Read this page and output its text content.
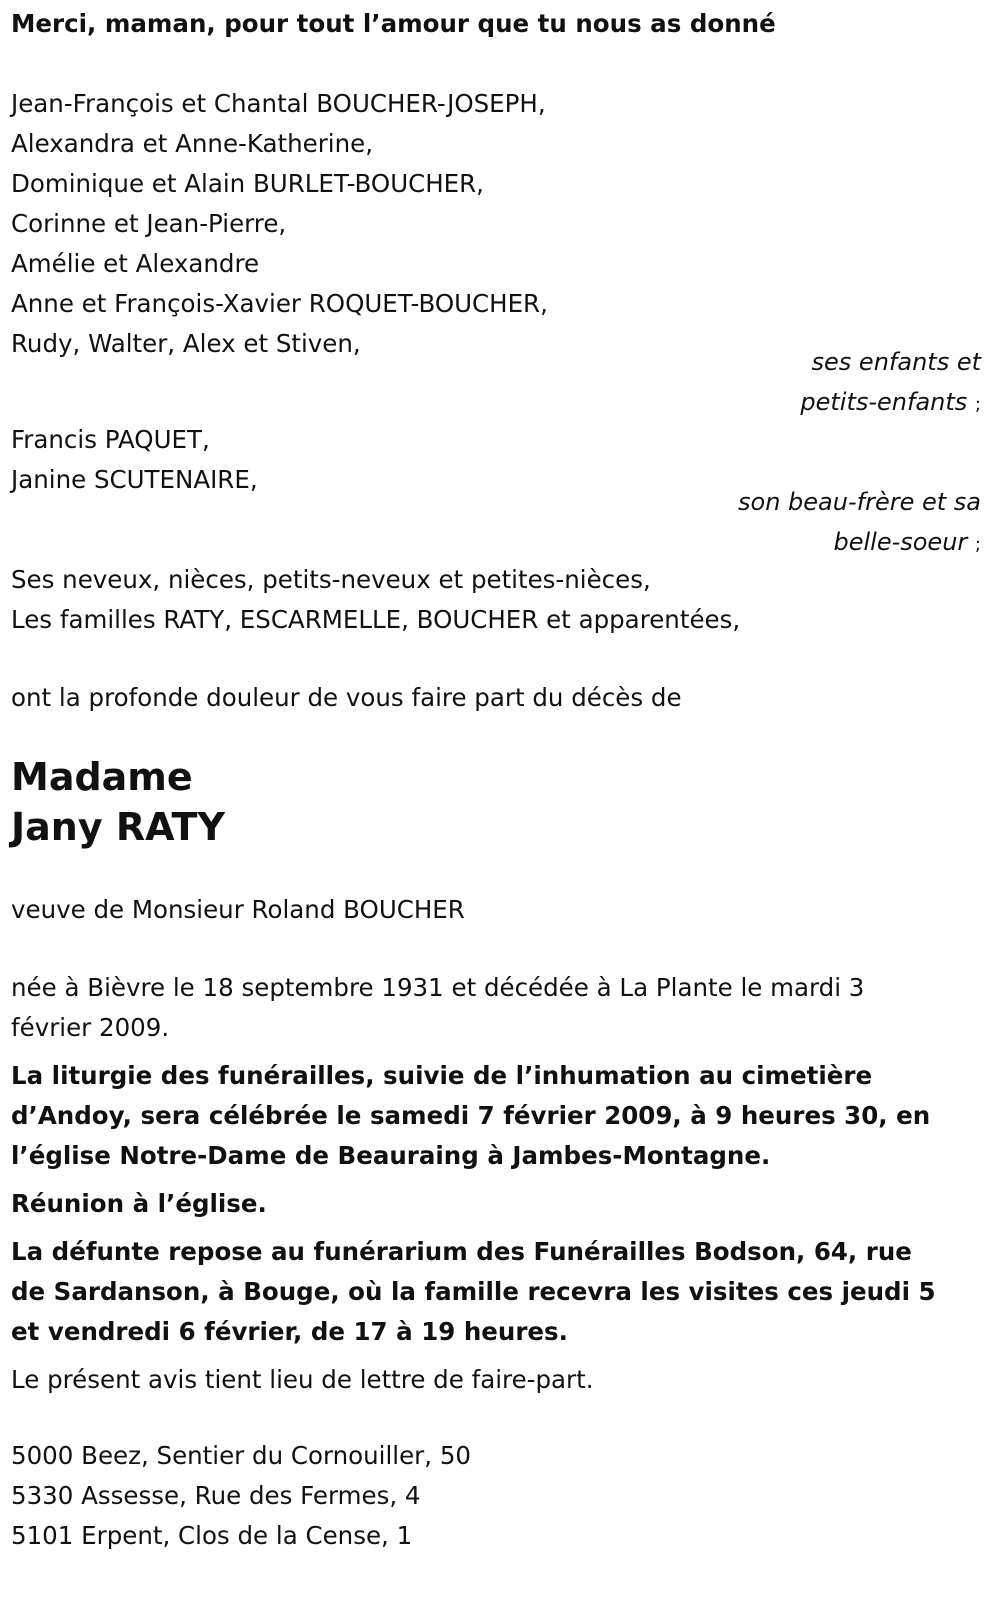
Merci, maman, pour tout l’amour que tu nous as donné
Jean-François et Chantal BOUCHER-JOSEPH,
Alexandra et Anne-Katherine,
Dominique et Alain BURLET-BOUCHER,
Corinne et Jean-Pierre,
Amélie et Alexandre
Anne et François-Xavier ROQUET-BOUCHER,
Rudy, Walter, Alex et Stiven,
ses enfants et
petits-enfants ;
Francis PAQUET,
Janine SCUTENAIRE,
son beau-frère et sa
belle-soeur ;
Ses neveux, nièces, petits-neveux et petites-nièces,
Les familles RATY, ESCARMELLE, BOUCHER et apparentées,
ont la profonde douleur de vous faire part du décès de
Madame
Jany RATY
veuve de Monsieur Roland BOUCHER
née à Bièvre le 18 septembre 1931 et décédée à La Plante le mardi 3 février 2009.
La liturgie des funérailles, suivie de l’inhumation au cimetière d’Andoy, sera célébrée le samedi 7 février 2009, à 9 heures 30, en l’église Notre-Dame de Beauraing à Jambes-Montagne.
Réunion à l’église.
La défunte repose au funérarium des Funérailles Bodson, 64, rue de Sardanson, à Bouge, où la famille recevra les visites ces jeudi 5 et vendredi 6 février, de 17 à 19 heures.
Le présent avis tient lieu de lettre de faire-part.
5000 Beez, Sentier du Cornouiller, 50
5330 Assesse, Rue des Fermes, 4
5101 Erpent, Clos de la Cense, 1
